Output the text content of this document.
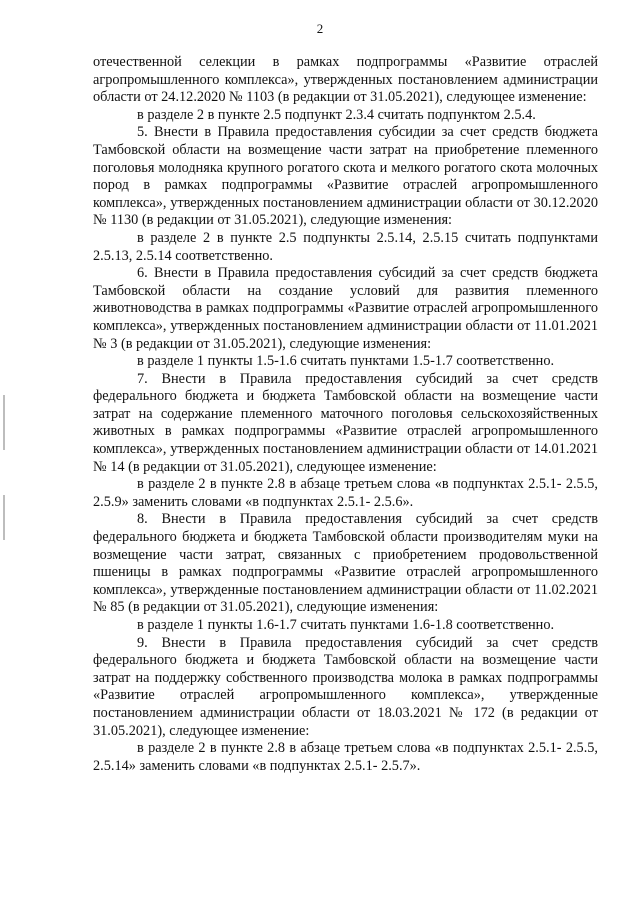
2

отечественной селекции в рамках подпрограммы «Развитие отраслей агропромышленного комплекса», утвержденных постановлением администрации области от 24.12.2020 № 1103 (в редакции от 31.05.2021), следующее изменение:

в разделе 2 в пункте 2.5 подпункт 2.3.4 считать подпунктом 2.5.4.

5. Внести в Правила предоставления субсидии за счет средств бюджета Тамбовской области на возмещение части затрат на приобретение племенного поголовья молодняка крупного рогатого скота и мелкого рогатого скота молочных пород в рамках подпрограммы «Развитие отраслей агропромышленного комплекса», утвержденных постановлением администрации области от 30.12.2020 № 1130 (в редакции от 31.05.2021), следующие изменения:

в разделе 2 в пункте 2.5 подпункты 2.5.14, 2.5.15 считать подпунктами 2.5.13, 2.5.14 соответственно.

6. Внести в Правила предоставления субсидий за счет средств бюджета Тамбовской области на создание условий для развития племенного животноводства в рамках подпрограммы «Развитие отраслей агропромышленного комплекса», утвержденных постановлением администрации области от 11.01.2021 № 3 (в редакции от 31.05.2021), следующие изменения:

в разделе 1 пункты 1.5-1.6 считать пунктами 1.5-1.7 соответственно.

7. Внести в Правила предоставления субсидий за счет средств федерального бюджета и бюджета Тамбовской области на возмещение части затрат на содержание племенного маточного поголовья сельскохозяйственных животных в рамках подпрограммы «Развитие отраслей агропромышленного комплекса», утвержденных постановлением администрации области от 14.01.2021 № 14 (в редакции от 31.05.2021), следующее изменение:

в разделе 2 в пункте 2.8 в абзаце третьем слова «в подпунктах 2.5.1- 2.5.5, 2.5.9» заменить словами «в подпунктах 2.5.1- 2.5.6».

8. Внести в Правила предоставления субсидий за счет средств федерального бюджета и бюджета Тамбовской области производителям муки на возмещение части затрат, связанных с приобретением продовольственной пшеницы в рамках подпрограммы «Развитие отраслей агропромышленного комплекса», утвержденные постановлением администрации области от 11.02.2021 № 85 (в редакции от 31.05.2021), следующие изменения:

в разделе 1 пункты 1.6-1.7 считать пунктами 1.6-1.8 соответственно.

9. Внести в Правила предоставления субсидий за счет средств федерального бюджета и бюджета Тамбовской области на возмещение части затрат на поддержку собственного производства молока в рамках подпрограммы «Развитие отраслей агропромышленного комплекса», утвержденные постановлением администрации области от 18.03.2021 № 172 (в редакции от 31.05.2021), следующее изменение:

в разделе 2 в пункте 2.8 в абзаце третьем слова «в подпунктах 2.5.1- 2.5.5, 2.5.14» заменить словами «в подпунктах 2.5.1- 2.5.7».
